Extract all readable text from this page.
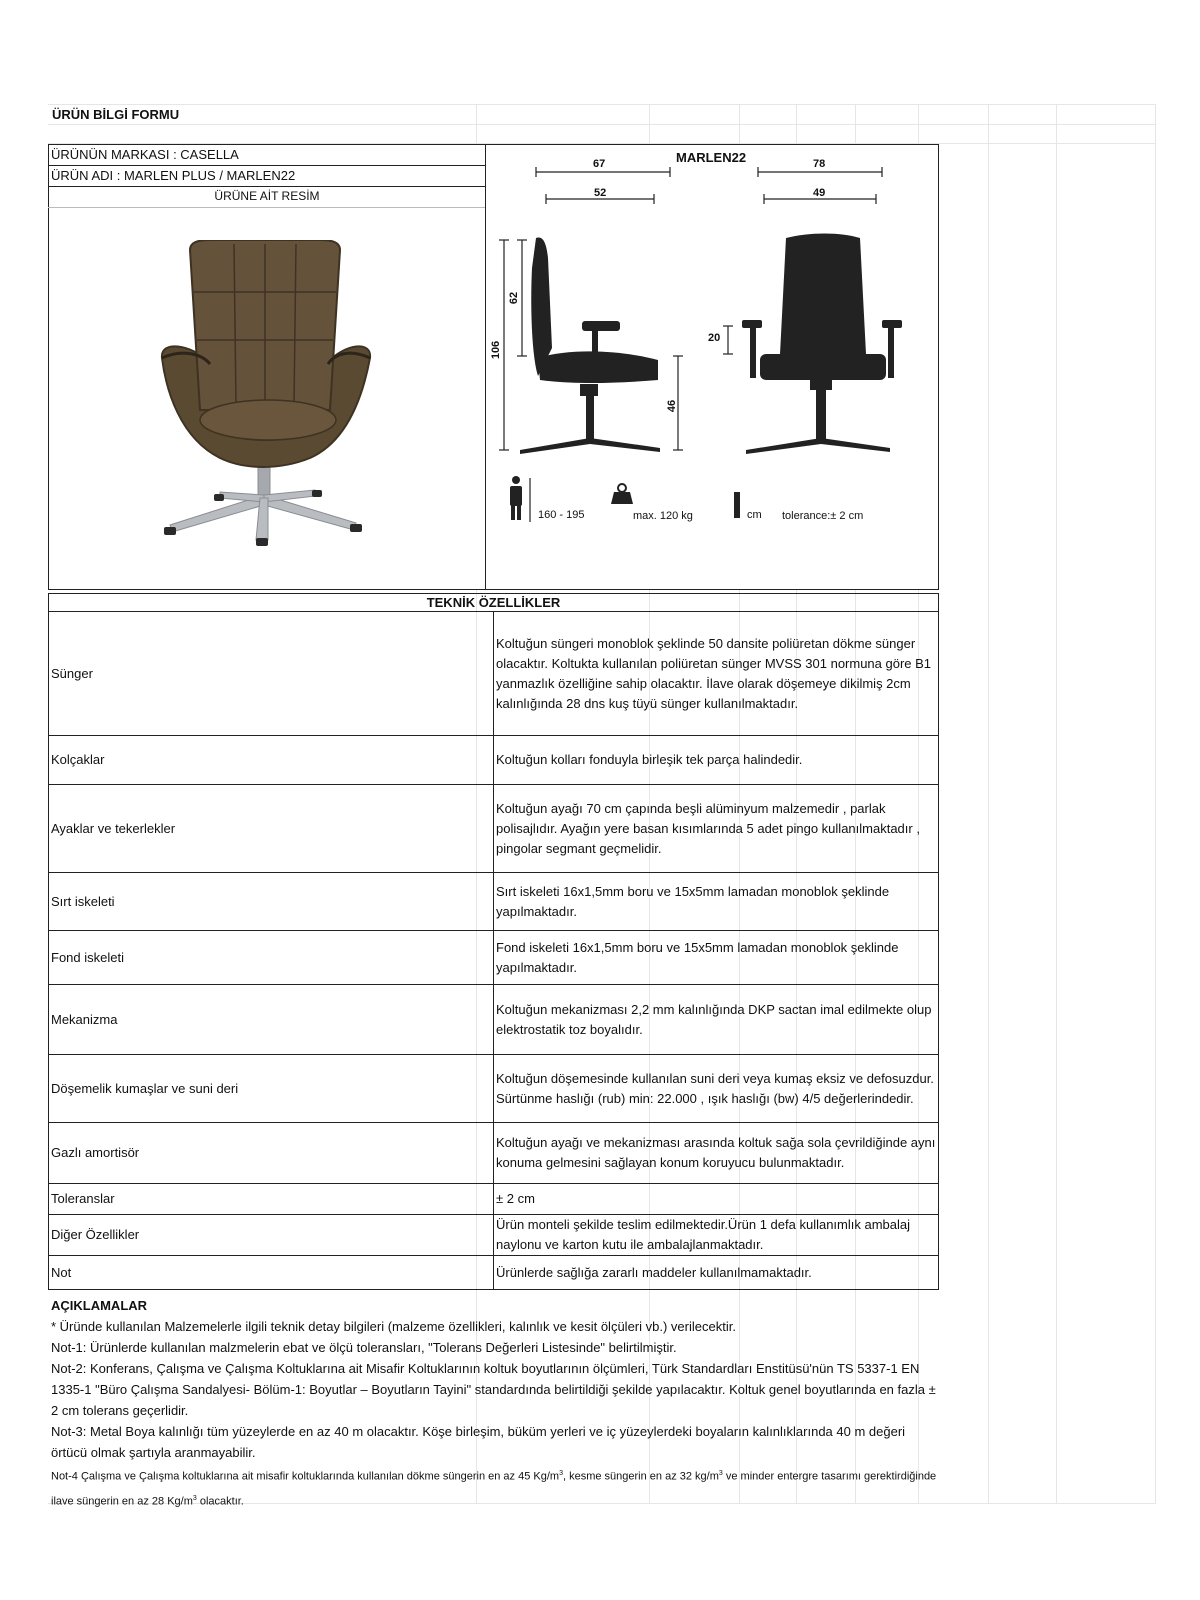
ÜRÜN BİLGİ FORMU
ÜRÜNÜN MARKASI : CASELLA
ÜRÜN ADI : MARLEN PLUS / MARLEN22
ÜRÜNE AİT RESİM
MARLEN22
67	78
52	49
62
106
46
20
160 - 195	kg max. 120 kg	cm tolerance:± 2 cm
TEKNİK ÖZELLİKLER	
Sünger	Koltuğun süngeri monoblok şeklinde 50 dansite poliüretan dökme sünger olacaktır. Koltukta kullanılan poliüretan sünger MVSS 301 normuna göre B1 yanmazlık özelliğine sahip olacaktır. İlave olarak döşemeye dikilmiş 2cm kalınlığında 28 dns kuş tüyü sünger kullanılmaktadır.
Kolçaklar	Koltuğun kolları fonduyla birleşik tek parça halindedir.
Ayaklar ve tekerlekler	Koltuğun ayağı 70 cm çapında beşli alüminyum malzemedir , parlak polisajlıdır. Ayağın yere basan kısımlarında 5 adet pingo kullanılmaktadır , pingolar segmant geçmelidir.
Sırt iskeleti	Sırt iskeleti 16x1,5mm boru ve 15x5mm lamadan monoblok şeklinde yapılmaktadır.
Fond iskeleti	Fond iskeleti 16x1,5mm boru ve 15x5mm lamadan monoblok şeklinde yapılmaktadır.
Mekanizma	Koltuğun mekanizması 2,2 mm kalınlığında DKP sactan imal edilmekte olup elektrostatik toz boyalıdır.
Döşemelik kumaşlar ve suni deri	Koltuğun döşemesinde kullanılan suni deri veya kumaş eksiz ve defosuzdur. Sürtünme haslığı (rub) min: 22.000 , ışık haslığı (bw) 4/5 değerlerindedir.
Gazlı amortisör	Koltuğun ayağı ve mekanizması arasında koltuk sağa sola çevrildiğinde aynı konuma gelmesini sağlayan konum koruyucu bulunmaktadır.
Toleranslar	± 2 cm
Diğer Özellikler	Ürün monteli şekilde teslim edilmektedir.Ürün 1 defa kullanımlık ambalaj naylonu ve karton kutu ile ambalajlanmaktadır.
Not	Ürünlerde sağlığa zararlı maddeler kullanılmamaktadır.
AÇIKLAMALAR
* Üründe kullanılan Malzemelerle ilgili teknik detay bilgileri (malzeme özellikleri, kalınlık ve kesit ölçüleri vb.) verilecektir.
Not-1: Ürünlerde kullanılan malzmelerin ebat ve ölçü toleransları, "Tolerans Değerleri Listesinde" belirtilmiştir.
Not-2: Konferans, Çalışma ve Çalışma Koltuklarına ait Misafir Koltuklarının koltuk boyutlarının ölçümleri, Türk Standardları Enstitüsü'nün TS 5337-1 EN 1335-1 "Büro Çalışma Sandalyesi- Bölüm-1: Boyutlar – Boyutların Tayini" standardında belirtildiği şekilde yapılacaktır. Koltuk genel boyutlarında en fazla ± 2 cm tolerans geçerlidir.
Not-3: Metal Boya kalınlığı tüm yüzeylerde en az 40 m olacaktır. Köşe birleşim, büküm yerleri ve iç yüzeylerdeki boyaların kalınlıklarında 40 m değeri örtücü olmak şartıyla aranmayabilir.
Not-4 Çalışma ve Çalışma koltuklarına ait misafir koltuklarında kullanılan dökme süngerin en az 45 $Kg/m^3$, kesme süngerin en az 32 $kg/m^3$ ve minder entergre tasarımı gerektirdiğinde ilave süngerin en az 28 $Kg/m^3$ olacaktır.
